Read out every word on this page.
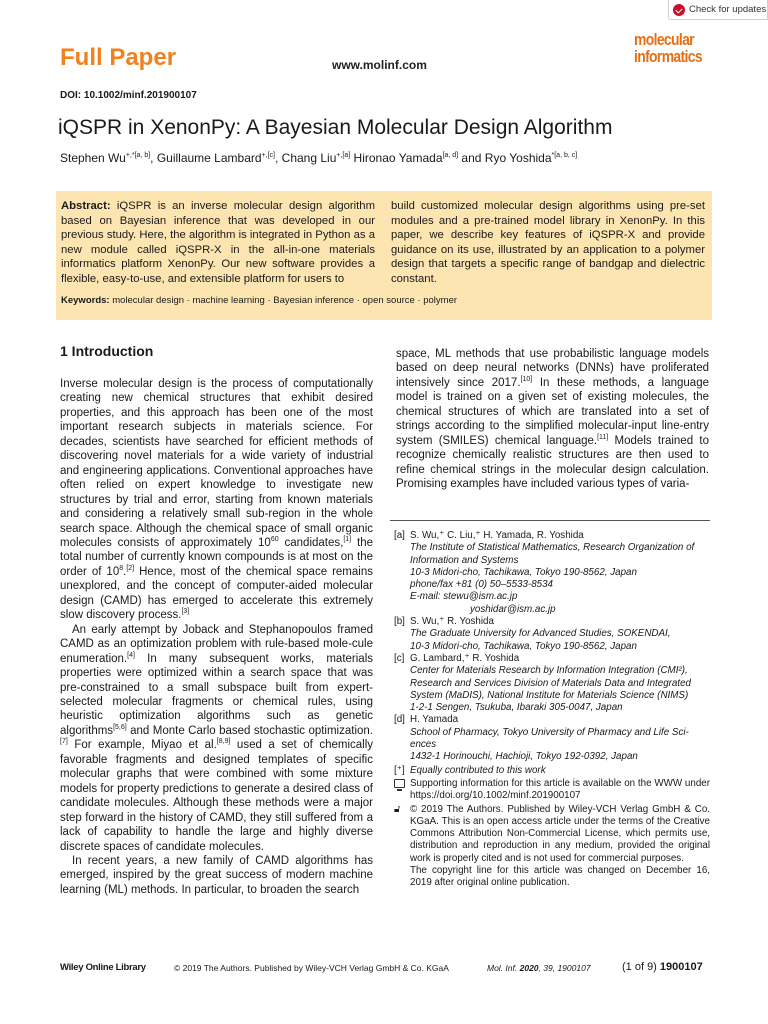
Check for updates
Full Paper	www.molinf.com
molecular
informatics
DOI: 10.1002/minf.201900107
iQSPR in XenonPy: A Bayesian Molecular Design Algorithm
Stephen $Wu^{+,*[a, b]}$, Guillaume Lambard$^{+,[c]}$, Chang Liu$^{+,[a]}$ Hironao Yamada[a, d] and Ryo Yoshida$^{*[a, b, c]}$
Abstract: iQSPR is an inverse molecular design algorithm based on Bayesian inference that was developed in our previous study. Here, the algorithm is integrated in Python as a new module called iQSPR-X in the all-in-one materials informatics platform XenonPy. Our new software provides a flexible, easy-to-use, and extensible platform for users to
build customized molecular design algorithms using pre-set modules and a pre-trained model library in XenonPy. In this paper, we describe key features of iQSPR-X and provide guidance on its use, illustrated by an application to a polymer design that targets a specific range of bandgap and dielectric constant.
Keywords: molecular design · machine learning · Bayesian inference · open source · polymer
1 Introduction

Inverse molecular design is the process of computationally creating new chemical structures that exhibit desired properties, and this approach has been one of the most important research subjects in materials science. For decades, scientists have searched for efficient methods of discovering novel materials for a wide variety of industrial and engineering applications. Conventional approaches have often relied on expert knowledge to investigate new structures by trial and error, starting from known materials and considering a relatively small sub-region in the whole search space. Although the chemical space of small organic molecules consists of approximately $10^{60}$ candidates,[1] the total number of currently known compounds is at most on the order of $10^8.[2]$ Hence, most of the chemical space remains unexplored, and the concept of computer-aided molecular design (CAMD) has emerged to accelerate this extremely slow discovery process.[3]

An early attempt by Joback and Stephanopoulos framed CAMD as an optimization problem with rule-based mole-cule enumeration.[4] In many subsequent works, materials properties were optimized within a search space that was pre-constrained to a small subspace built from expert-selected molecular fragments or chemical rules, using heuristic optimization algorithms such as genetic algorithms[5,6] and Monte Carlo based stochastic optimization.[7] For example, Miyao et al.[8,9] used a set of chemically favorable fragments and designed templates of specific molecular graphs that were combined with some mixture models for property predictions to generate a desired class of candidate molecules. Although these methods were a major step forward in the history of CAMD, they still suffered from a lack of capability to handle the large and highly diverse discrete spaces of candidate molecules.

In recent years, a new family of CAMD algorithms has emerged, inspired by the great success of modern machine learning (ML) methods. In particular, to broaden the search

space, ML methods that use probabilistic language models based on deep neural networks (DNNs) have proliferated intensively since 2017.[10] In these methods, a language model is trained on a given set of existing molecules, the chemical structures of which are translated into a set of strings according to the simplified molecular-input line-entry system (SMILES) chemical language.[11] Models trained to recognize chemically realistic structures are then used to refine chemical strings in the molecular design calculation. Promising examples have included various types of varia-

[a] S. Wu,⁺ C. Liu,⁺ H. Yamada, R. Yoshida
The Institute of Statistical Mathematics, Research Organization of Information and Systems
10-3 Midori-cho, Tachikawa, Tokyo 190-8562, Japan
phone/fax +81 (0) 50–5533-8534
E-mail: stewu@ism.ac.jp

yoshidar@ism.ac.jp
[b] S. Wu,⁺ R. Yoshida
The Graduate University for Advanced Studies, SOKENDAI,
10-3 Midori-cho, Tachikawa, Tokyo 190-8562, Japan

[c] G. Lambard,⁺ R. Yoshida
Center for Materials Research by Information Integration (CMI²), Research and Services Division of Materials Data and Integrated System (MaDIS), National Institute for Materials Science (NIMS)
1-2-1 Sengen, Tsukuba, Ibaraki 305-0047, Japan

[d] H. Yamada
School of Pharmacy, Tokyo University of Pharmacy and Life Sci-ences
1432-1 Horinouchi, Hachioji, Tokyo 192-0392, Japan

[⁺] Equally contributed to this work
Supporting information for this article is available on the WWW under https://doi.org/10.1002/minf.201900107
🔓︎ © 2019 The Authors. Published by Wiley-VCH Verlag GmbH & Co. KGaA. This is an open access article under the terms of the Creative Commons Attribution Non-Commercial License, which permits use, distribution and reproduction in any medium, provided the original work is properly cited and is not used for commercial purposes.
The copyright line for this article was changed on December 16, 2019 after original online publication.
Wiley Online Library	© 2019 The Authors. Published by Wiley-VCH Verlag GmbH & Co. KGaA	Mol. Inf. 2020, 39, 1900107	(1 of 9) 1900107
